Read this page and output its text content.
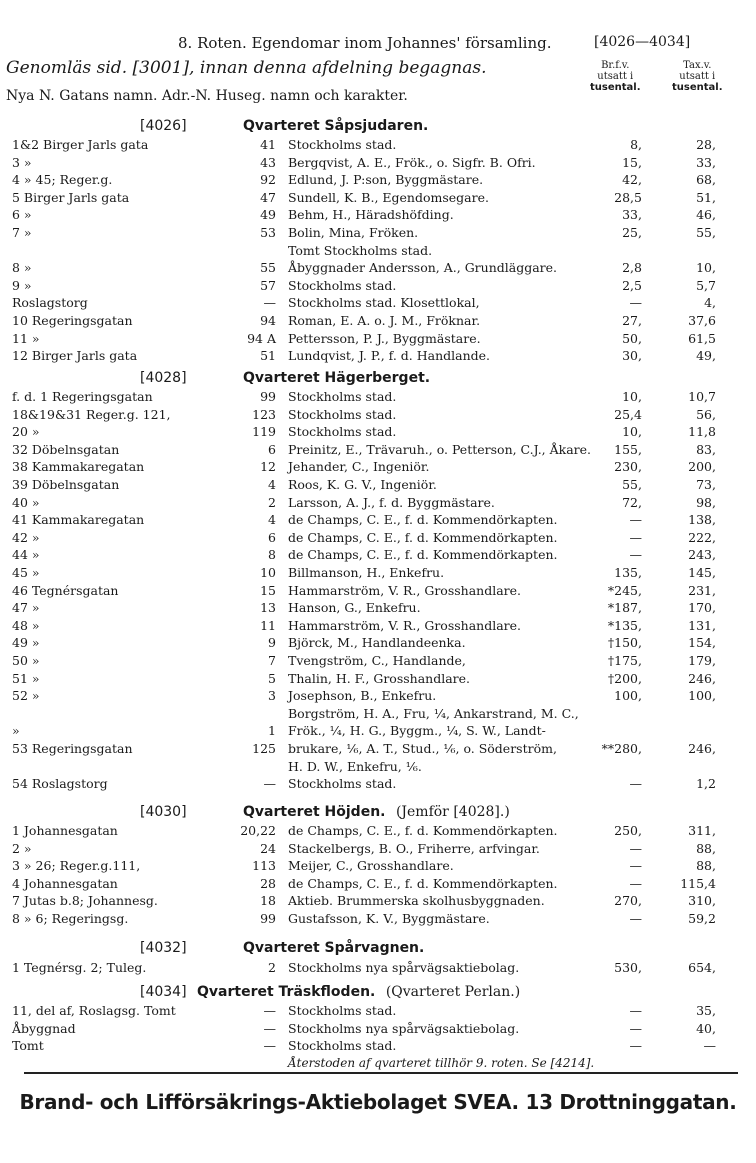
8. Roten. Egendomar inom Johannes' församling.	[4026—4034]
Genomläs sid. [3001], innan denna afdelning begagnas.
Nya N. Gatans namn. Adr.-N. Huseg. namn och karakter.
Br.f.v.
utsatt i
tusental.
Tax.v.
utsatt i
tusental.
[4026]	Qvarteret Såpsjudaren.
1&2 Birger Jarls gata	41 Stockholms stad.	8,	28,
3 »	43 Bergqvist, A. E., Frök., o. Sigfr. B. Ofri.	15,	33,
4 » 45; Reger.g.	92 Edlund, J. P:son, Byggmästare.	42,	68,
5 Birger Jarls gata	47 Sundell, K. B., Egendomsegare.	28,5	51,
6 »	49 Behm, H., Häradshöfding.	33,	46,
7 »	53 Bolin, Mina, Fröken.	25,	55,
Tomt Stockholms stad.
8 »	55 Åbyggnader Andersson, A., Grundläggare.	2,8	10,
9 »	57 Stockholms stad.	2,5	5,7
Roslagstorg	— Stockholms stad. Klosettlokal,	—	4,
10 Regeringsgatan	94 Roman, E. A. o. J. M., Fröknar.	27,	37,6
11 »	94 A Pettersson, P. J., Byggmästare.	50,	61,5
12 Birger Jarls gata	51 Lundqvist, J. P., f. d. Handlande.	30,	49,
[4028]	Qvarteret Hägerberget.
f. d. 1 Regeringsgatan	99 Stockholms stad.	10,	10,7
18&19&31 Reger.g. 121,	123 Stockholms stad.	25,4	56,
20 »	119 Stockholms stad.	10,	11,8
32 Döbelnsgatan	6 Preinitz, E., Trävaruh., o. Petterson, C.J., Åkare.	155,	83,
38 Kammakaregatan	12 Jehander, C., Ingeniör.	230,	200,
39 Döbelnsgatan	4 Roos, K. G. V., Ingeniör.	55,	73,
40 »	2 Larsson, A. J., f. d. Byggmästare.	72,	98,
41 Kammakaregatan	4 de Champs, C. E., f. d. Kommendörkapten.	—	138,
42 »	6 de Champs, C. E., f. d. Kommendörkapten.	—	222,
44 »	8 de Champs, C. E., f. d. Kommendörkapten.	—	243,
45 »	10 Billmanson, H., Enkefru.	135,	145,
46 Tegnérsgatan	15 Hammarström, V. R., Grosshandlare.	*245,	231,
47 »	13 Hanson, G., Enkefru.	*187,	170,
48 »	11 Hammarström, V. R., Grosshandlare.	*135,	131,
49 »	9 Björck, M., Handlandeenka.	†150,	154,
50 »	7 Tvengström, C., Handlande,	†175,	179,
51 »	5 Thalin, H. F., Grosshandlare.	†200,	246,
52 »	3 Josephson, B., Enkefru.	100,	100,
Borgström, H. A., Fru, ¼, Ankarstrand, M. C.,
»	1 Frök., ¼, H. G., Byggm., ¼, S. W., Landt-
53 Regeringsgatan	125 brukare, ⅙, A. T., Stud., ⅙, o. Söderström,	**280,	246,
H. D. W., Enkefru, ⅙.
54 Roslagstorg	— Stockholms stad.	—	1,2
[4030]	Qvarteret Höjden. (Jemför [4028].)
1 Johannesgatan	20,22 de Champs, C. E., f. d. Kommendörkapten.	250,	311,
2 »	24 Stackelbergs, B. O., Friherre, arfvingar.	—	88,
3 » 26; Reger.g.111,	113 Meijer, C., Grosshandlare.	—	88,
4 Johannesgatan	28 de Champs, C. E., f. d. Kommendörkapten.	—	115,4
7 Jutas b.8; Johannesg.	18 Aktieb. Brummerska skolhusbyggnaden.	270,	310,
8 » 6; Regeringsg.	99 Gustafsson, K. V., Byggmästare.	—	59,2
[4032]	Qvarteret Spårvagnen.
1 Tegnérsg. 2; Tuleg.	2 Stockholms nya spårvägsaktiebolag.	530,	654,
[4034] Qvarteret Träskfloden. (Qvarteret Perlan.)
11, del af, Roslagsg. Tomt	— Stockholms stad.	—	35,
Åbyggnad	— Stockholms nya spårvägsaktiebolag.	—	40,
Tomt	— Stockholms stad.	—	—
Återstoden af qvarteret tillhör 9. roten. Se [4214].
Brand- och Lifförsäkrings-Aktiebolaget SVEA. 13 Drottninggatan.
